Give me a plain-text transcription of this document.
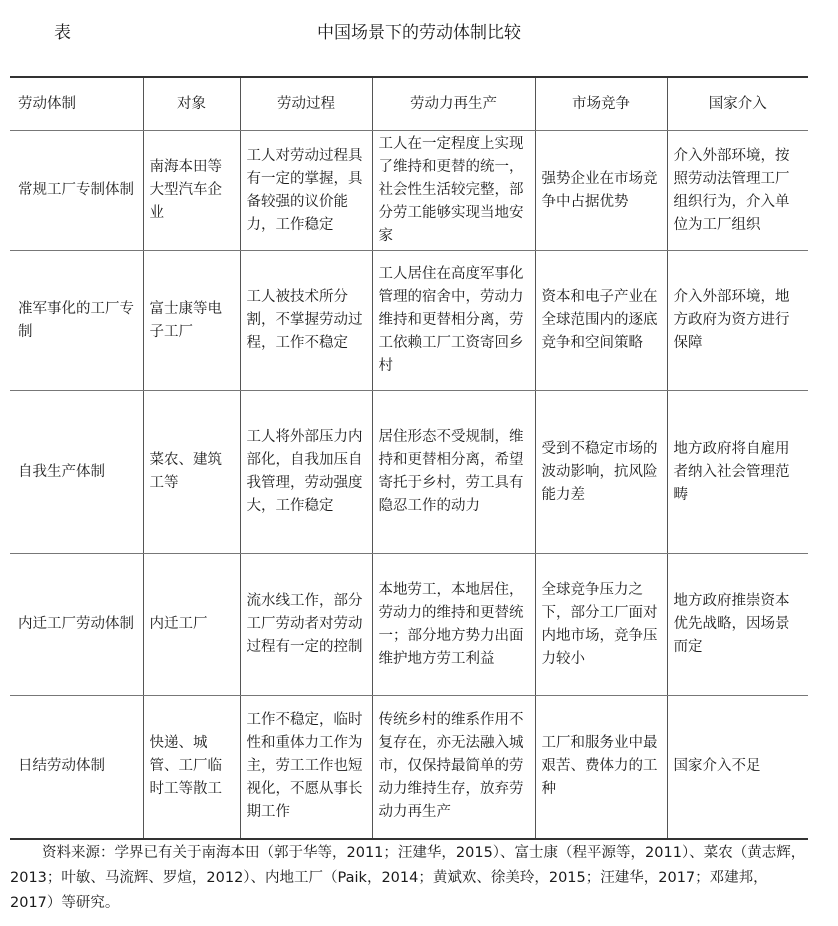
表	中国场景下的劳动体制比较
劳动体制	对象	劳动过程	劳动力再生产	市场竞争	国家介入
常规工厂专制体制	南海本田等大型汽车企业	工人对劳动过程具有一定的掌握，具备较强的议价能力，工作稳定	工人在一定程度上实现了维持和更替的统一，社会性生活较完整，部分劳工能够实现当地安家	强势企业在市场竞争中占据优势	介入外部环境，按照劳动法管理工厂组织行为，介入单位为工厂组织
准军事化的工厂专制	富士康等电子工厂	工人被技术所分割，不掌握劳动过程，工作不稳定	工人居住在高度军事化管理的宿舍中，劳动力维持和更替相分离，劳工依赖工厂工资寄回乡村	资本和电子产业在全球范围内的逐底竞争和空间策略	介入外部环境，地方政府为资方进行保障
自我生产体制	菜农、建筑工等	工人将外部压力内部化，自我加压自我管理，劳动强度大，工作稳定	居住形态不受规制，维持和更替相分离，希望寄托于乡村，劳工具有隐忍工作的动力	受到不稳定市场的波动影响，抗风险能力差	地方政府将自雇用者纳入社会管理范畴
内迁工厂劳动体制	内迁工厂	流水线工作，部分工厂劳动者对劳动过程有一定的控制	本地劳工，本地居住，劳动力的维持和更替统一；部分地方势力出面维护地方劳工利益	全球竞争压力之下，部分工厂面对内地市场，竞争压力较小	地方政府推崇资本优先战略，因场景而定
日结劳动体制	快递、城管、工厂临时工等散工	工作不稳定，临时性和重体力工作为主，劳工工作也短视化，不愿从事长期工作	传统乡村的维系作用不复存在，亦无法融入城市，仅保持最简单的劳动力维持生存，放弃劳动力再生产	工厂和服务业中最艰苦、费体力的工种	国家介入不足
资料来源：学界已有关于南海本田（郭于华等，2011；汪建华，2015）、富士康（程平源等，2011）、菜农（黄志辉，2013；叶敏、马流辉、罗煊，2012）、内地工厂（Paik，2014；黄斌欢、徐美玲，2015；汪建华，2017；邓建邦，2017）等研究。
